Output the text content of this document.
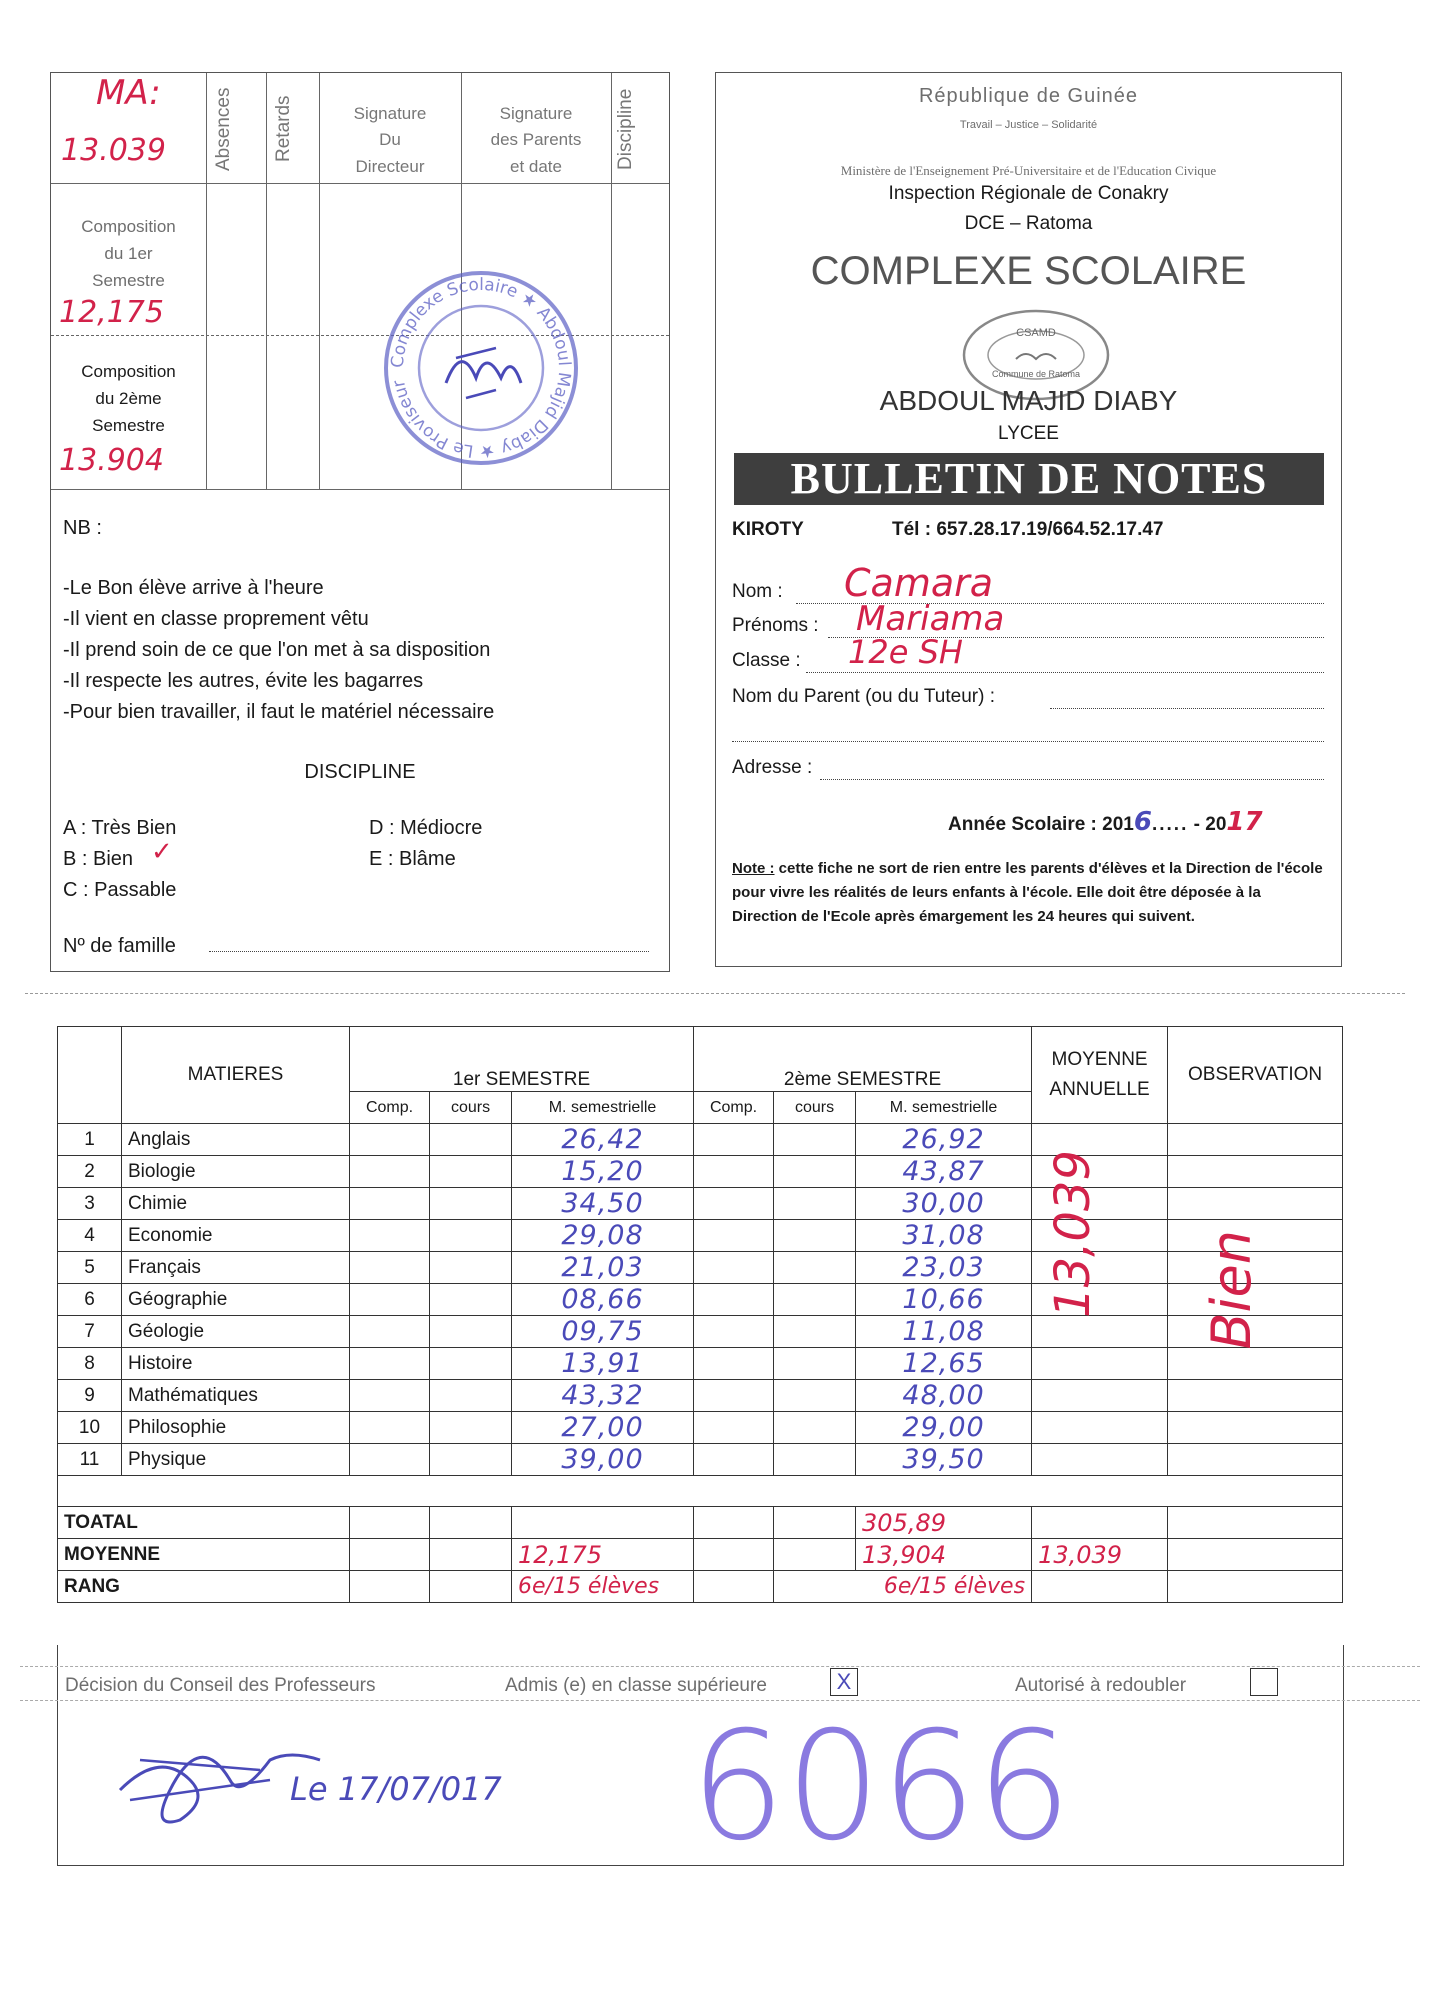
Absences	Retards	Signature
Du
Directeur
Signature
des Parents
et date	Discipline
MA:
13.039
Composition
du 1er
Semestre
12,175
Composition
du 2ème
Semestre
13.904
Complexe Scolaire ★ Abdoul Majid Diaby ★ Le Proviseur
NB :
-Le Bon élève arrive à l'heure
-Il vient en classe proprement vêtu
-Il prend soin de ce que l'on met à sa disposition
-Il respecte les autres, évite les bagarres
-Pour bien travailler, il faut le matériel nécessaire
DISCIPLINE
A : Très Bien
B : Bien
C : Passable
✓
D : Médiocre
E : Blâme
Nº de famille
République de Guinée
Travail – Justice – Solidarité
Ministère de l'Enseignement Pré-Universitaire et de l'Education Civique
Inspection Régionale de Conakry
DCE – Ratoma
COMPLEXE SCOLAIRE
CSAMD
Commune de Ratoma
ABDOUL MAJID DIABY
LYCEE
BULLETIN DE NOTES
KIROTY	Tél : 657.28.17.19/664.52.17.47
Nom : Camara
Prénoms : Mariama
Classe : 12e SH
Nom du Parent (ou du Tuteur) :
Adresse :
Année Scolaire : 2016..... - 2017
Note : cette fiche ne sort de rien entre les parents d'élèves et la Direction de l'école pour vivre les réalités de leurs enfants à l'école. Elle doit être déposée à la Direction de l'Ecole après émargement les 24 heures qui suivent.
	MATIERES	1er SEMESTRE			2ème SEMESTRE			MOYENNE ANNUELLE	OBSERVATION
		Comp.	cours	M. semestrielle	Comp.	cours	M. semestrielle		
1	Anglais			26,42			26,92		
2	Biologie			15,20			43,87		
3	Chimie			34,50			30,00		
4	Economie			29,08			31,08		
5	Français			21,03			23,03		
6	Géographie			08,66			10,66		
7	Géologie			09,75			11,08		
8	Histoire			13,91			12,65		
9	Mathématiques			43,32			48,00		
10	Philosophie			27,00			29,00		
11	Physique			39,00			39,50		

TOATAL							305,89		
MOYENNE				12,175			13,904	13,039	
RANG				6e/15 élèves		6e/15 élèves			
13,039 Bien
Décision du Conseil des Professeurs	Admis (e) en classe supérieure	X	Autorisé à redoubler
Le 17/07/017 6066
